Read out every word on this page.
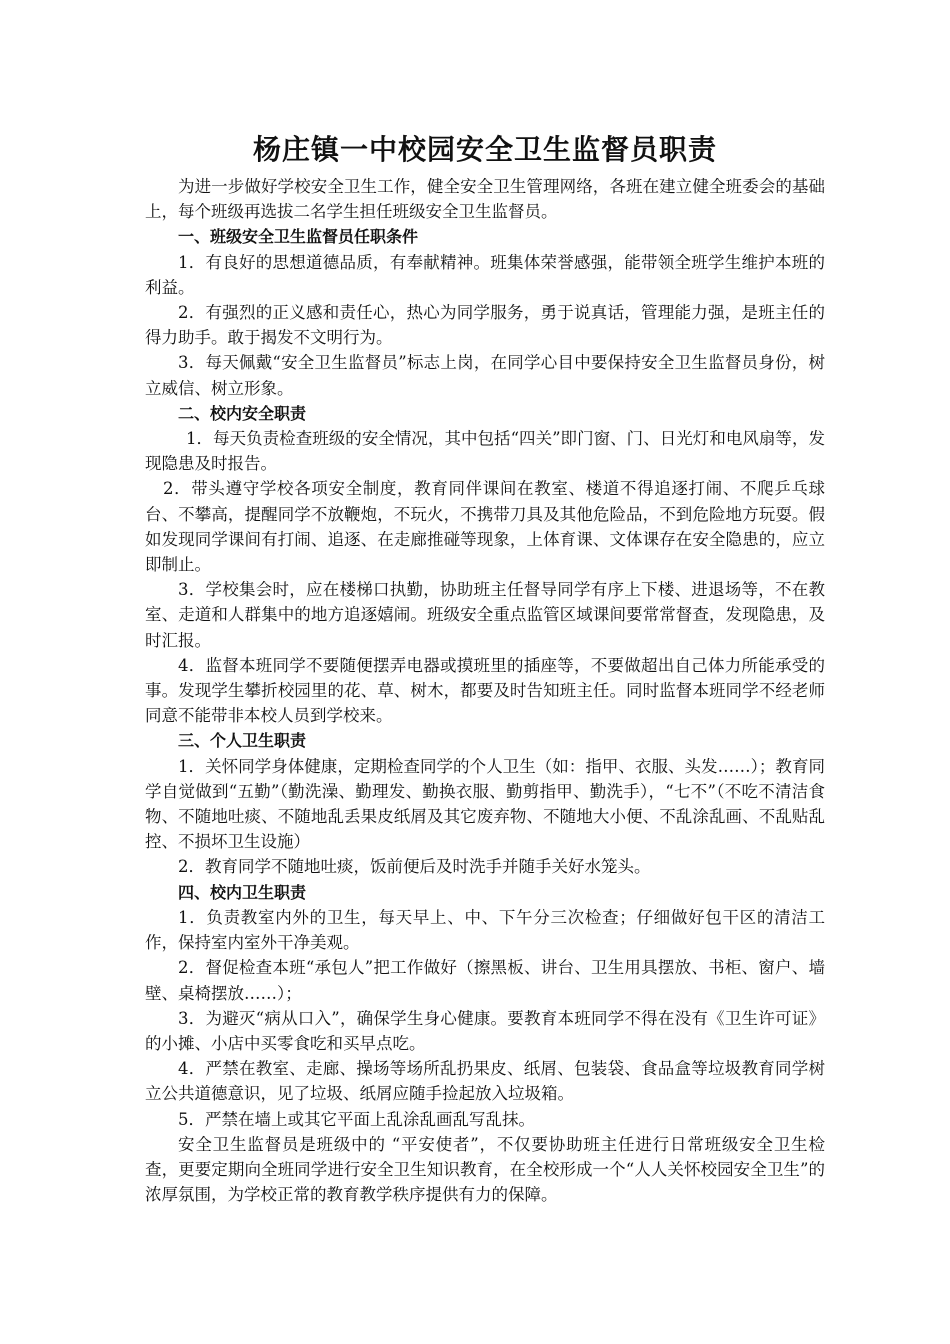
杨庄镇一中校园安全卫生监督员职责

为进一步做好学校安全卫生工作，健全安全卫生管理网络，各班在建立健全班委会的基础上，每个班级再选拔二名学生担任班级安全卫生监督员。

一、班级安全卫生监督员任职条件

1．有良好的思想道德品质，有奉献精神。班集体荣誉感强，能带领全班学生维护本班的利益。

2．有强烈的正义感和责任心，热心为同学服务，勇于说真话，管理能力强，是班主任的得力助手。敢于揭发不文明行为。

3．每天佩戴“安全卫生监督员”标志上岗，在同学心目中要保持安全卫生监督员身份，树立威信、树立形象。

二、校内安全职责

1．每天负责检查班级的安全情况，其中包括“四关”即门窗、门、日光灯和电风扇等，发现隐患及时报告。

2．带头遵守学校各项安全制度，教育同伴课间在教室、楼道不得追逐打闹、不爬乒乓球台、不攀高，提醒同学不放鞭炮，不玩火，不携带刀具及其他危险品，不到危险地方玩耍。假如发现同学课间有打闹、追逐、在走廊推碰等现象，上体育课、文体课存在安全隐患的，应立即制止。

3．学校集会时，应在楼梯口执勤，协助班主任督导同学有序上下楼、进退场等，不在教室、走道和人群集中的地方追逐嬉闹。班级安全重点监管区域课间要常常督查，发现隐患，及时汇报。

4．监督本班同学不要随便摆弄电器或摸班里的插座等，不要做超出自己体力所能承受的事。发现学生攀折校园里的花、草、树木，都要及时告知班主任。同时监督本班同学不经老师同意不能带非本校人员到学校来。

三、个人卫生职责

1．关怀同学身体健康，定期检查同学的个人卫生（如：指甲、衣服、头发……）；教育同学自觉做到“五勤”（勤洗澡、勤理发、勤换衣服、勤剪指甲、勤洗手），“七不”（不吃不清洁食物、不随地吐痰、不随地乱丢果皮纸屑及其它废弃物、不随地大小便、不乱涂乱画、不乱贴乱控、不损坏卫生设施）

2．教育同学不随地吐痰，饭前便后及时洗手并随手关好水笼头。

四、校内卫生职责

1．负责教室内外的卫生，每天早上、中、下午分三次检查；仔细做好包干区的清洁工作，保持室内室外干净美观。

2．督促检查本班“承包人”把工作做好（擦黑板、讲台、卫生用具摆放、书柜、窗户、墙壁、桌椅摆放……）；

3．为避灭“病从口入”，确保学生身心健康。要教育本班同学不得在没有《卫生许可证》的小摊、小店中买零食吃和买早点吃。

4．严禁在教室、走廊、操场等场所乱扔果皮、纸屑、包装袋、食品盒等垃圾教育同学树立公共道德意识，见了垃圾、纸屑应随手捡起放入垃圾箱。

5．严禁在墙上或其它平面上乱涂乱画乱写乱抹。

安全卫生监督员是班级中的 “平安使者”，不仅要协助班主任进行日常班级安全卫生检查，更要定期向全班同学进行安全卫生知识教育，在全校形成一个“人人关怀校园安全卫生”的浓厚氛围，为学校正常的教育教学秩序提供有力的保障。
